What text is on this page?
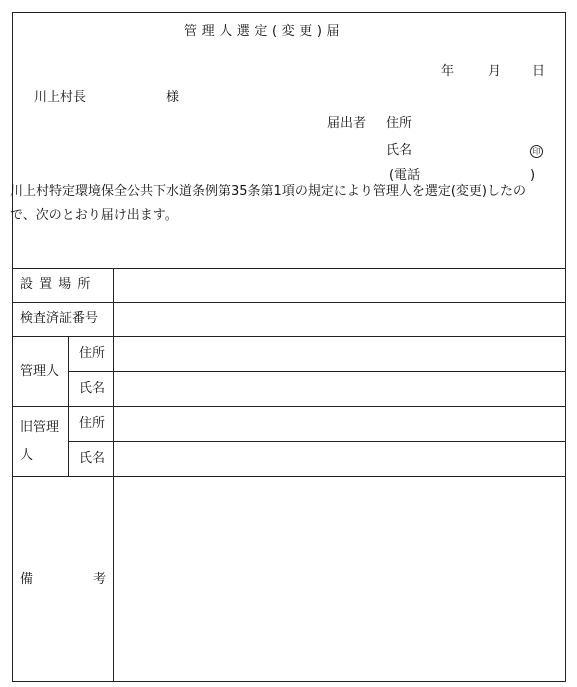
管理人選定(変更)届
年	月 日
川上村長	様
届出者 住所
氏名	印
(電話	)
川上村特定環境保全公共下水道条例第35条第1項の規定により管理人を選定(変更)したので、次のとおり届け出ます。
設 置 場 所
検査済証番号
管理人
住所
氏名
旧管理
人
住所
氏名
備	考
